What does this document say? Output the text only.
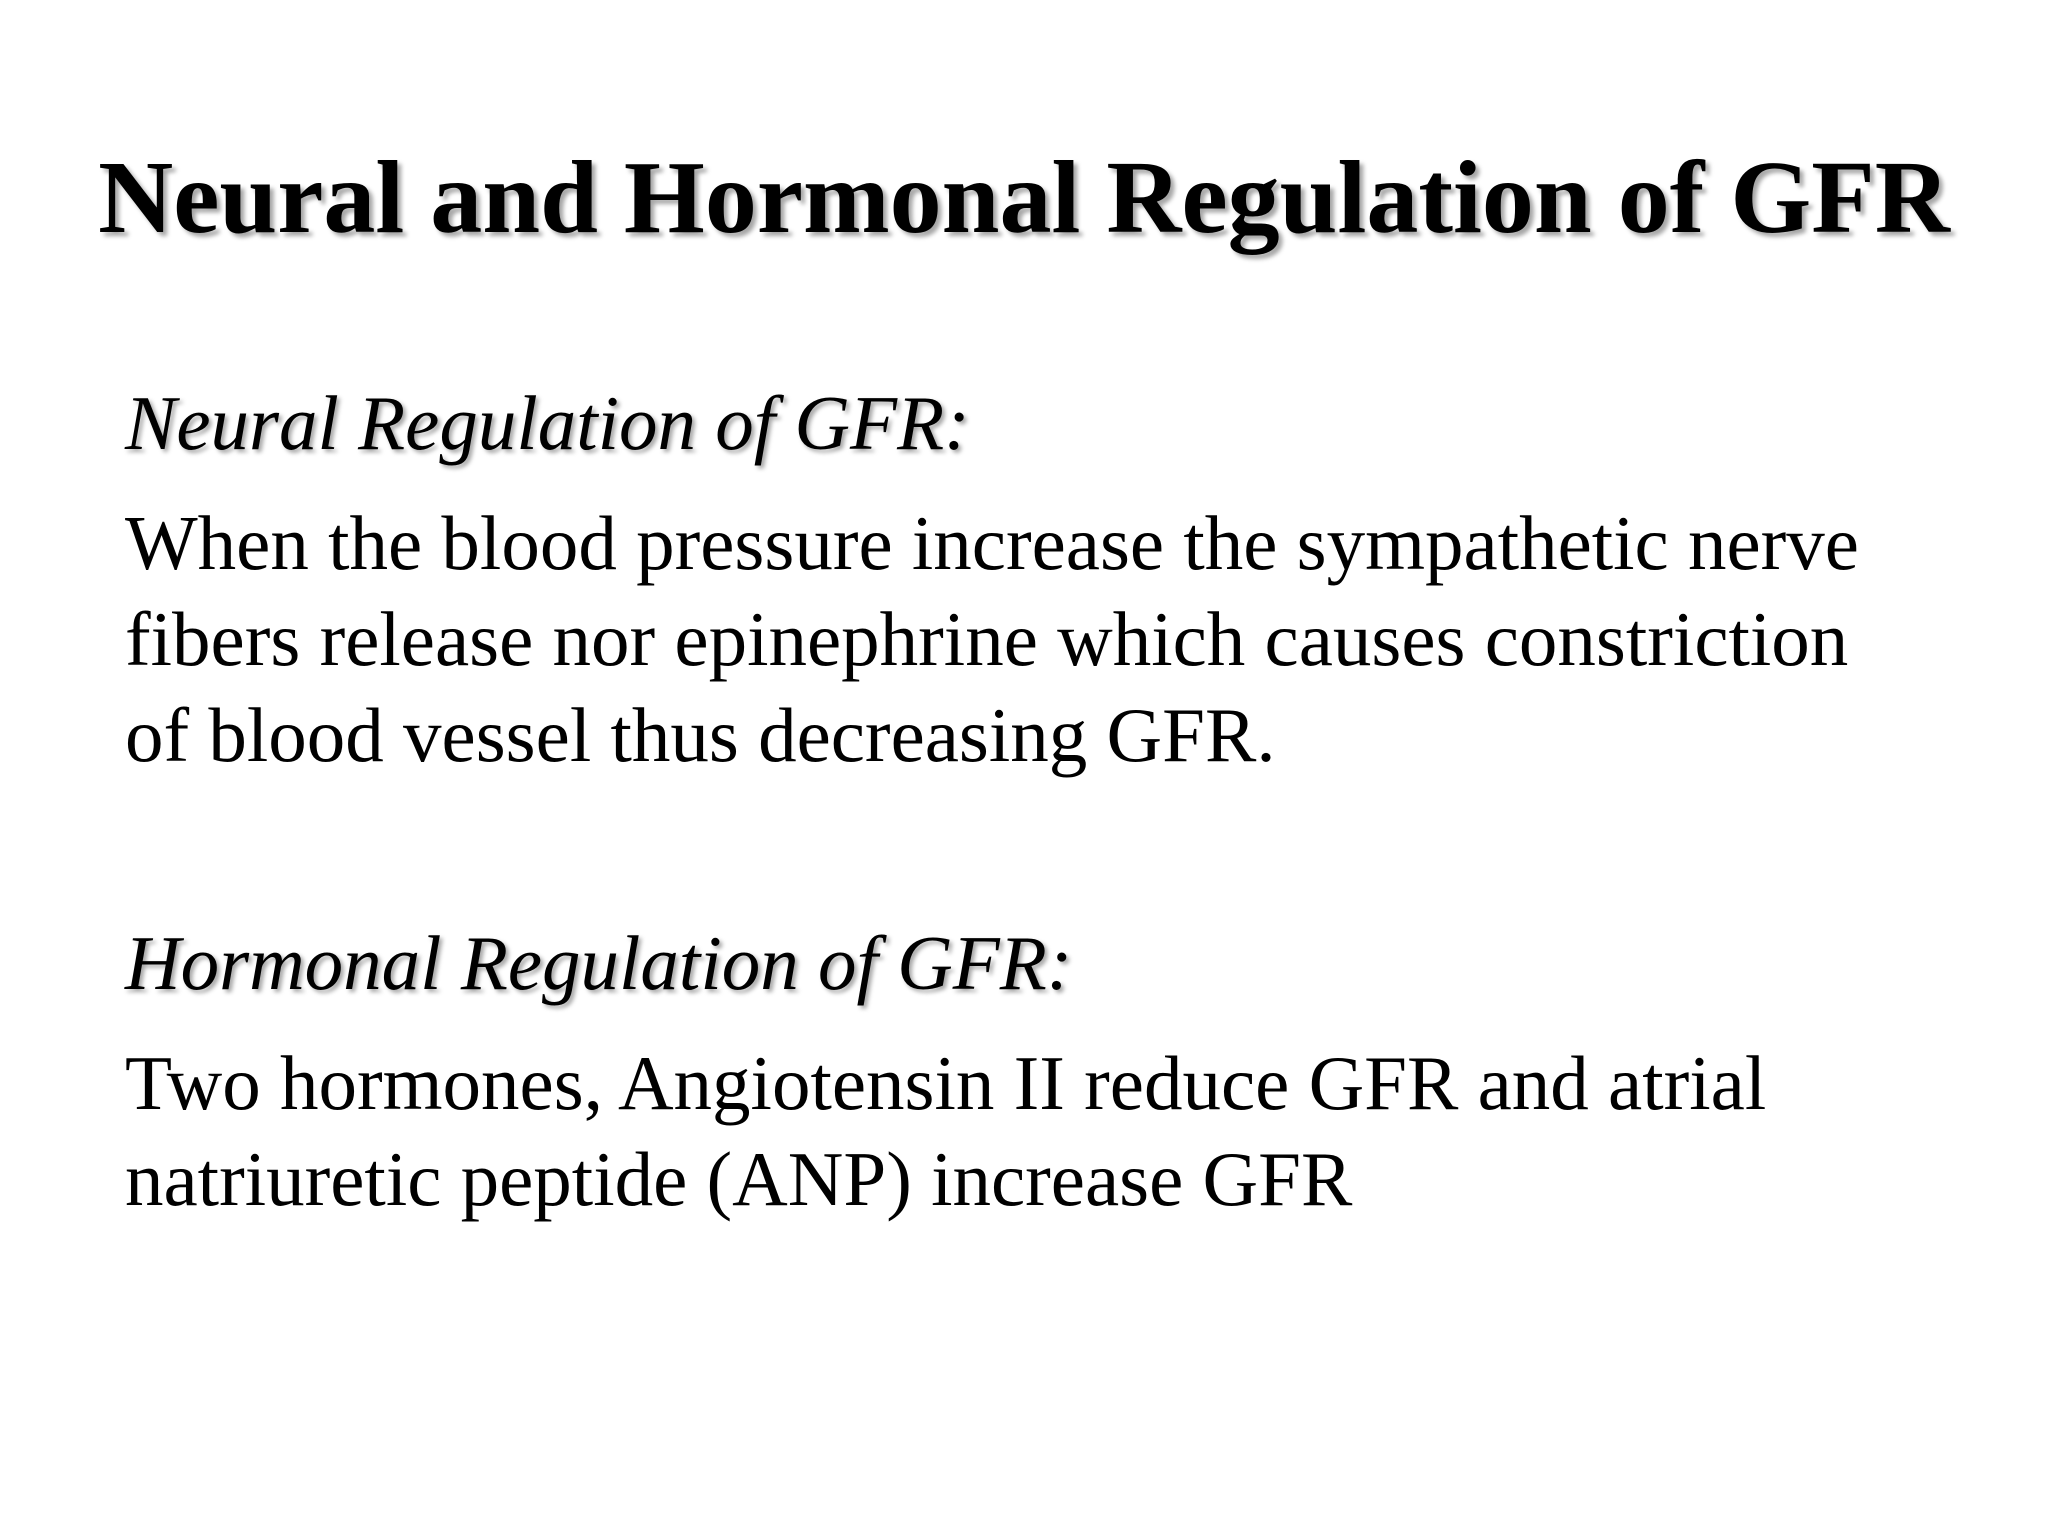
Neural and Hormonal Regulation of GFR

Neural Regulation of GFR:

When the blood pressure increase the sympathetic nerve

fibers release nor epinephrine which causes constriction

of blood vessel thus decreasing GFR.

Hormonal Regulation of GFR:

Two hormones, Angiotensin II reduce GFR and atrial

natriuretic peptide (ANP) increase GFR
